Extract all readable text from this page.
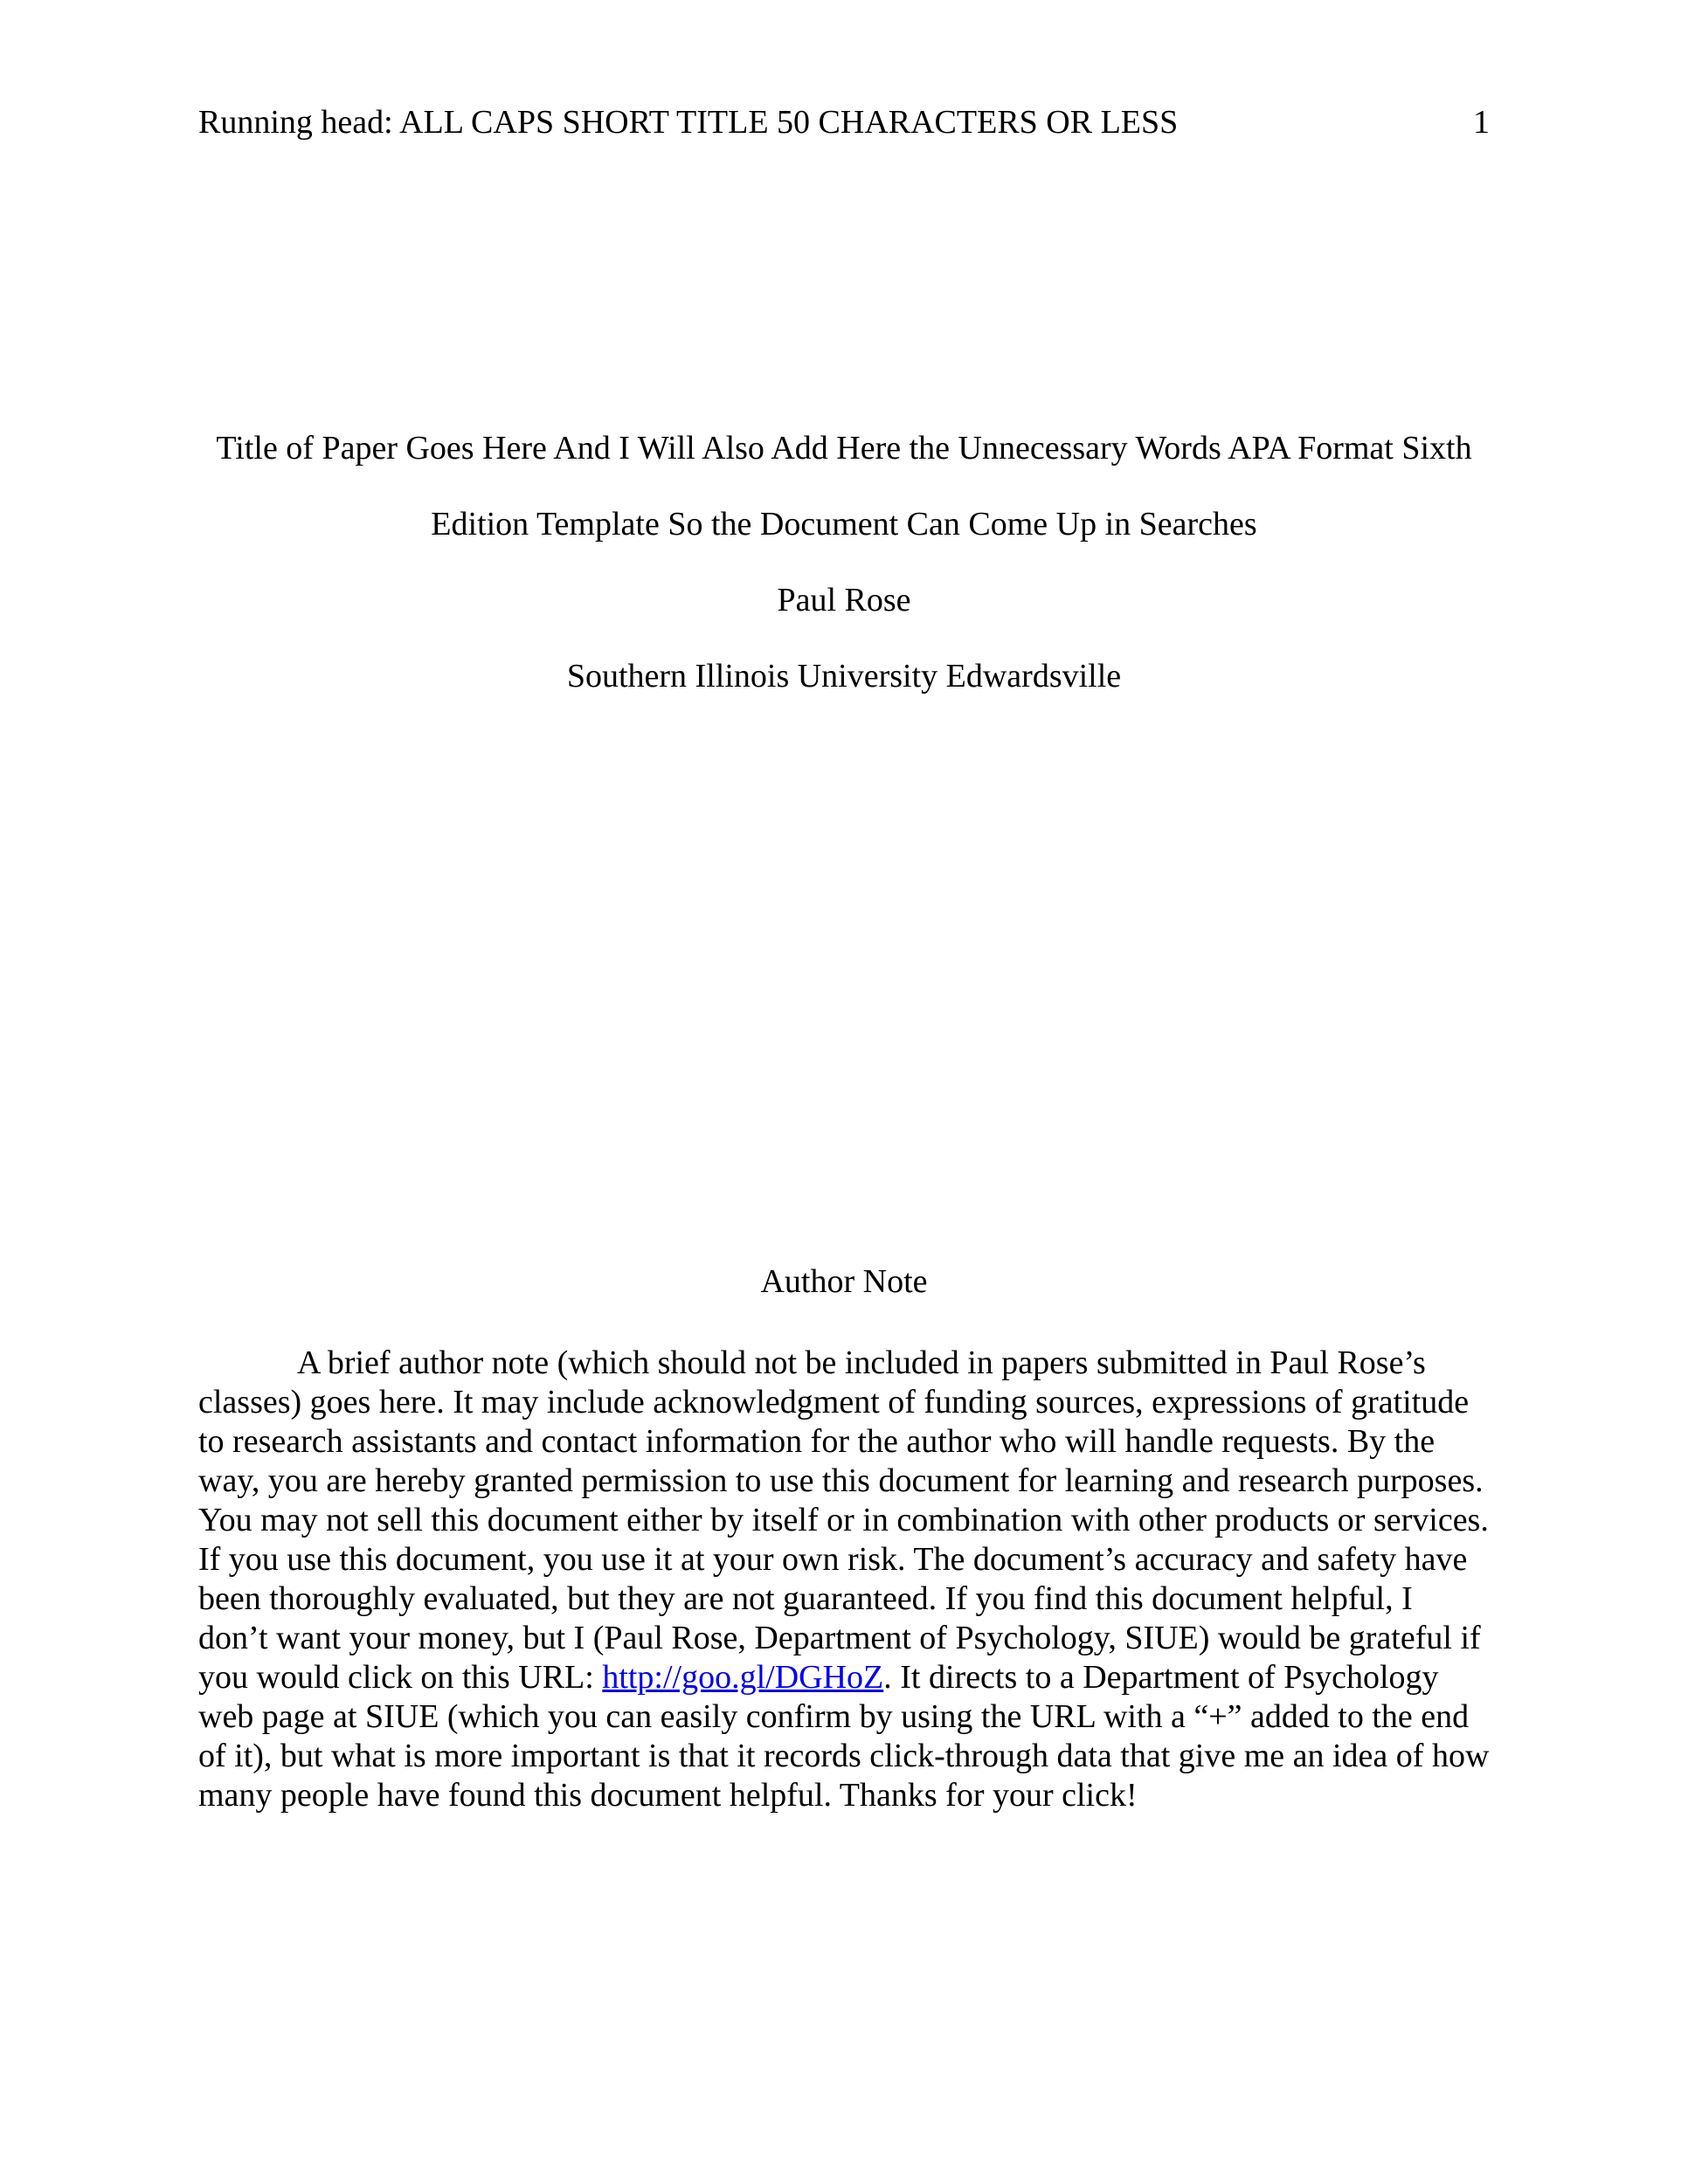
Running head: ALL CAPS SHORT TITLE 50 CHARACTERS OR LESS	1
Title of Paper Goes Here And I Will Also Add Here the Unnecessary Words APA Format Sixth
Edition Template So the Document Can Come Up in Searches
Paul Rose
Southern Illinois University Edwardsville
Author Note

A brief author note (which should not be included in papers submitted in Paul Rose’s classes) goes here. It may include acknowledgment of funding sources, expressions of gratitude to research assistants and contact information for the author who will handle requests. By the way, you are hereby granted permission to use this document for learning and research purposes. You may not sell this document either by itself or in combination with other products or services. If you use this document, you use it at your own risk. The document’s accuracy and safety have been thoroughly evaluated, but they are not guaranteed. If you find this document helpful, I don’t want your money, but I (Paul Rose, Department of Psychology, SIUE) would be grateful if you would click on this URL: http://goo.gl/DGHoZ. It directs to a Department of Psychology web page at SIUE (which you can easily confirm by using the URL with a “+” added to the end of it), but what is more important is that it records click-through data that give me an idea of how many people have found this document helpful. Thanks for your click!
